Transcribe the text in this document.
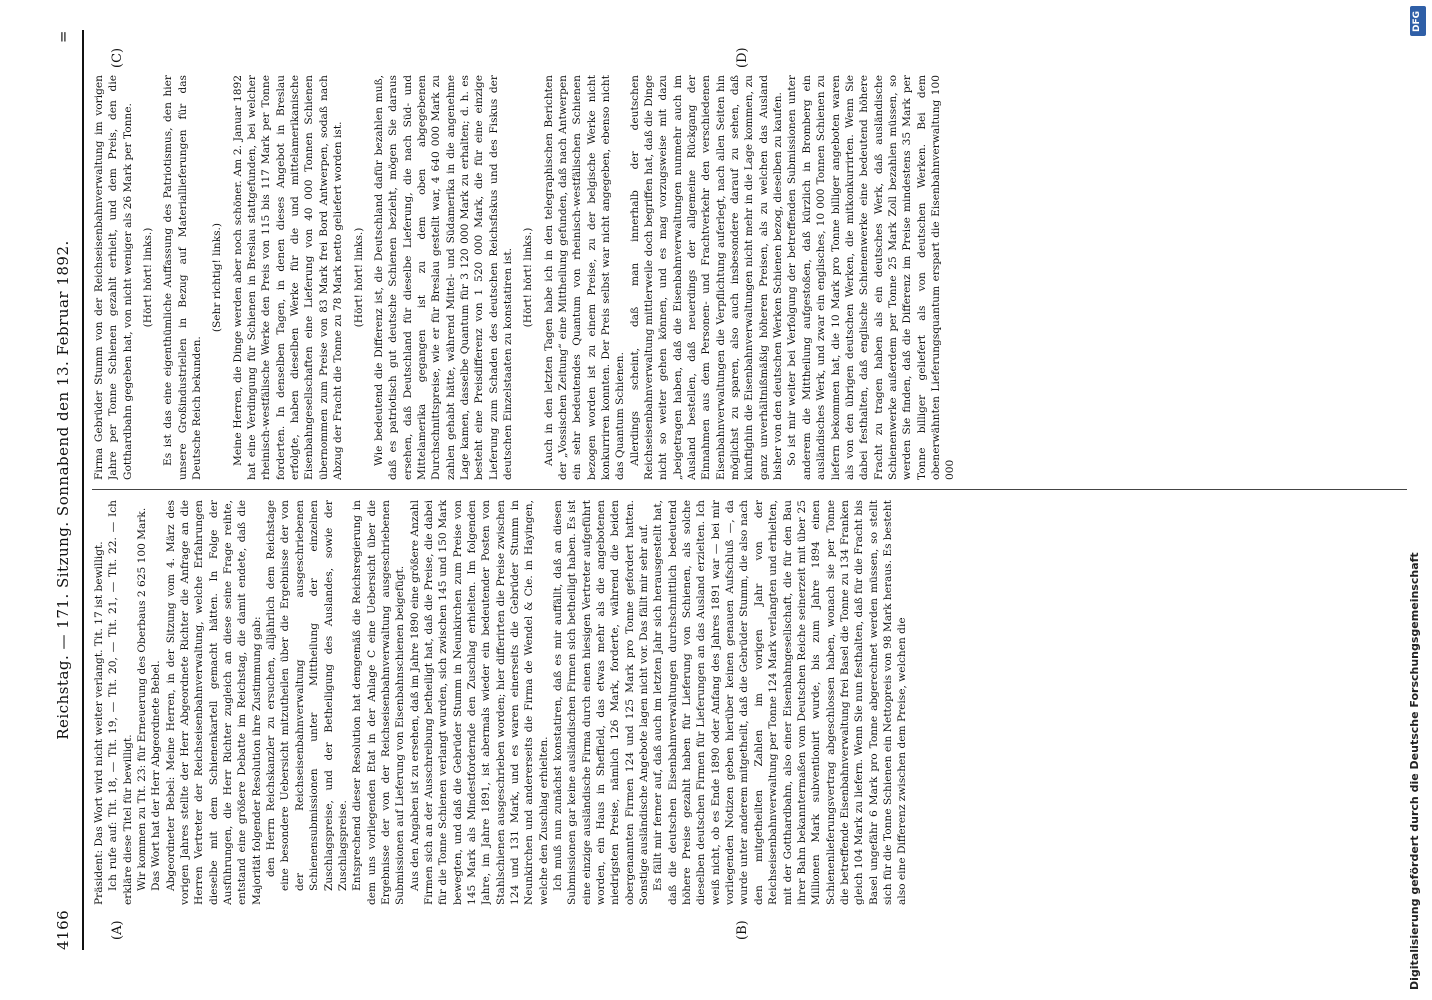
4166
Reichstag. — 171. Sitzung. Sonnabend den 13. Februar 1892.
=
(A)	(B)
(C)	(D)

Präsident: Das Wort wird nicht weiter verlangt. Tit. 17 ist bewilligt. Ich rufe auf: Tit. 18, — Tit. 19, — Tit. 20, — Tit. 21, — Tit. 22. — Ich erkläre diese Titel für bewilligt. Wir kommen zu Tit. 23: für Erneuerung des Oberbaus 2 625 100 Mark. Das Wort hat der Herr Abgeordnete Bebel. Abgeordneter Bebel: Meine Herren, in der Sitzung vom 4. März des vorigen Jahres stellte der Herr Abgeordnete Richter die Anfrage an die Herren Vertreter der Reichseisenbahnverwaltung, welche Erfahrungen dieselbe mit dem Schienenkartell gemacht hätten. In Folge der Ausführungen, die Herr Richter zugleich an diese seine Frage reihte, entstand eine größere Debatte im Reichstag, die damit endete, daß die Majorität folgender Resolution ihre Zustimmung gab: den Herrn Reichskanzler zu ersuchen, alljährlich dem Reichstage eine besondere Uebersicht mitzutheilen über die Ergebnisse der von der Reichseisenbahnverwaltung ausgeschriebenen Schienensubmissionen unter Mittheilung der einzelnen Zuschlagspreise, und der Betheiligung des Auslandes, sowie der Zuschlagspreise. Entsprechend dieser Resolution hat demgemäß die Reichsregierung in dem uns vorliegenden Etat in der Anlage C eine Uebersicht über die Ergebnisse der von der Reichseisenbahnverwaltung ausgeschriebenen Submissionen auf Lieferung von Eisenbahnschienen beigefügt. Aus den Angaben ist zu ersehen, daß im Jahre 1890 eine größere Anzahl Firmen sich an der Ausschreibung betheiligt hat, daß die Preise, die dabei für die Tonne Schienen verlangt wurden, sich zwischen 145 und 150 Mark bewegten, und daß die Gebrüder Stumm in Neunkirchen zum Preise von 145 Mark als Mindestfordernde den Zuschlag erhielten. Im folgenden Jahre, im Jahre 1891, ist abermals wieder ein bedeutender Posten von Stahlschienen ausgeschrieben worden; hier differirten die Preise zwischen 124 und 131 Mark, und es waren einerseits die Gebrüder Stumm in Neunkirchen und andererseits die Firma de Wendel & Cie. in Hayingen, welche den Zuschlag erhielten. Ich muß nun zunächst konstatiren, daß es mir auffällt, daß an diesen Submissionen gar keine ausländischen Firmen sich betheiligt haben. Es ist eine einzige ausländische Firma durch einen hiesigen Vertreter aufgeführt worden, ein Haus in Sheffield, das etwas mehr als die angebotenen niedrigsten Preise, nämlich 126 Mark, forderte, während die beiden obergenannten Firmen 124 und 125 Mark pro Tonne gefordert hatten. Sonstige ausländische Angebote lagen nicht vor. Das fällt mir sehr auf. Es fällt mir ferner auf, daß auch im letzten Jahr sich herausgestellt hat, daß die deutschen Eisenbahnverwaltungen durchschnittlich bedeutend höhere Preise gezahlt haben für Lieferung von Schienen, als solche dieselben deutschen Firmen für Lieferungen an das Ausland erzielten. Ich weiß nicht, ob es Ende 1890 oder Anfang des Jahres 1891 war — bei mir vorliegenden Notizen geben hierüber keinen genauen Aufschluß —, da wurde unter anderem mitgetheilt, daß die Gebrüder Stumm, die also nach den mitgetheilten Zahlen im vorigen Jahr von der Reichseisenbahnverwaltung per Tonne 124 Mark verlangten und erhielten, mit der Gotthardbahn, also einer Eisenbahngesellschaft, die für den Bau ihrer Bahn bekanntermaßen vom Deutschen Reiche seinerzeit mit über 25 Millionen Mark subventionirt wurde, bis zum Jahre 1894 einen Schienenlieferungsvertrag abgeschlossen haben, wonach sie per Tonne die betreffende Eisenbahnverwaltung frei Basel die Tonne zu 134 Franken gleich 104 Mark zu liefern. Wenn Sie nun festhalten, daß für die Fracht bis Basel ungefähr 6 Mark pro Tonne abgerechnet werden müssen, so stellt sich für die Tonne Schienen ein Nettopreis von 98 Mark heraus. Es besteht also eine Differenz zwischen dem Preise, welchen die

Firma Gebrüder Stumm von der Reichseisenbahnverwaltung im vorigen Jahre per Tonne Schienen gezahlt erhielt, und dem Preis, den die Gotthardbahn gegeben hat, von nicht weniger als 26 Mark per Tonne. (Hört! hört! links.) Es ist das eine eigenthümliche Auffassung des Patriotismus, den hier unsere Großindustriellen in Bezug auf Materiallieferungen für das Deutsche Reich bekunden.

(Sehr richtig! links.) Meine Herren, die Dinge werden aber noch schöner. Am 2. Januar 1892 hat eine Verdingung für Schienen in Breslau stattgefunden, bei welcher rheinisch-westfälische Werke den Preis von 115 bis 117 Mark per Tonne forderten. In denselben Tagen, in denen dieses Angebot in Breslau erfolgte, haben dieselben Werke für die und mittelamerikanische Eisenbahngesellschaften eine Lieferung von 40 000 Tonnen Schienen übernommen zum Preise von 83 Mark frei Bord Antwerpen, sodaß nach Abzug der Fracht die Tonne zu 78 Mark netto geliefert worden ist. (Hört! hört! links.) Wie bedeutend die Differenz ist, die Deutschland dafür bezahlen muß, daß es patriotisch gut deutsche Schienen bezieht, mögen Sie daraus ersehen, daß Deutschland für dieselbe Lieferung, die nach Süd- und Mittelamerika gegangen ist zu dem oben abgegebenen Durchschnittspreise, wie er für Breslau gestellt war, 4 640 000 Mark zu zahlen gehabt hätte, während Mittel- und Südamerika in die angenehme Lage kamen, dasselbe Quantum für 3 120 000 Mark zu erhalten; d. h. es besteht eine Preisdifferenz von 1 520 000 Mark, die für eine einzige Lieferung zum Schaden des deutschen Reichsfiskus und des Fiskus der deutschen Einzelstaaten zu konstatiren ist. (Hört! hört! links.) Auch in den letzten Tagen habe ich in den telegraphischen Berichten der „Vossischen Zeitung“ eine Mittheilung gefunden, daß nach Antwerpen ein sehr bedeutendes Quantum von rheinisch-westfälischen Schienen bezogen worden ist zu einem Preise, zu der belgische Werke nicht konkurriren konnten. Der Preis selbst war nicht angegeben, ebenso nicht das Quantum Schienen. Allerdings scheint, daß man innerhalb der deutschen Reichseisenbahnverwaltung mittlerweile doch begriffen hat, daß die Dinge nicht so weiter gehen können, und es mag vorzugsweise mit dazu „beigetragen haben, daß die Eisenbahnverwaltungen nunmehr auch im Ausland bestellen, daß neuerdings der allgemeine Rückgang der Einnahmen aus dem Personen- und Frachtverkehr den verschiedenen Eisenbahnverwaltungen die Verpflichtung auferlegt, nach allen Seiten hin möglichst zu sparen, also auch insbesondere darauf zu sehen, daß künftighin die Eisenbahnverwaltungen nicht mehr in die Lage kommen, zu ganz unverhältnißmäßig höheren Preisen, als zu welchen das Ausland bisher von den deutschen Werken Schienen bezog, dieselben zu kaufen. So ist mir weiter bei Verfolgung der betreffenden Submissionen unter anderem die Mittheilung aufgestoßen, daß kürzlich in Bromberg ein ausländisches Werk, und zwar ein englisches, 10 000 Tonnen Schienen zu liefern bekommen hat, die 10 Mark pro Tonne billiger angeboten waren als von den übrigen deutschen Werken, die mitkonkurrirten. Wenn Sie dabei festhalten, daß englische Schienenwerke eine bedeutend höhere Fracht zu tragen haben als ein deutsches Werk, daß ausländische Schienenwerke außerdem per Tonne 25 Mark Zoll bezahlen müssen, so werden Sie finden, daß die Differenz im Preise mindestens 35 Mark per Tonne billiger geliefert als von deutschen Werken. Bei dem obenerwähnten Lieferungsquantum erspart die Eisenbahnverwaltung 100 000

DFG
Digitalisierung gefördert durch die Deutsche Forschungsgemeinschaft
